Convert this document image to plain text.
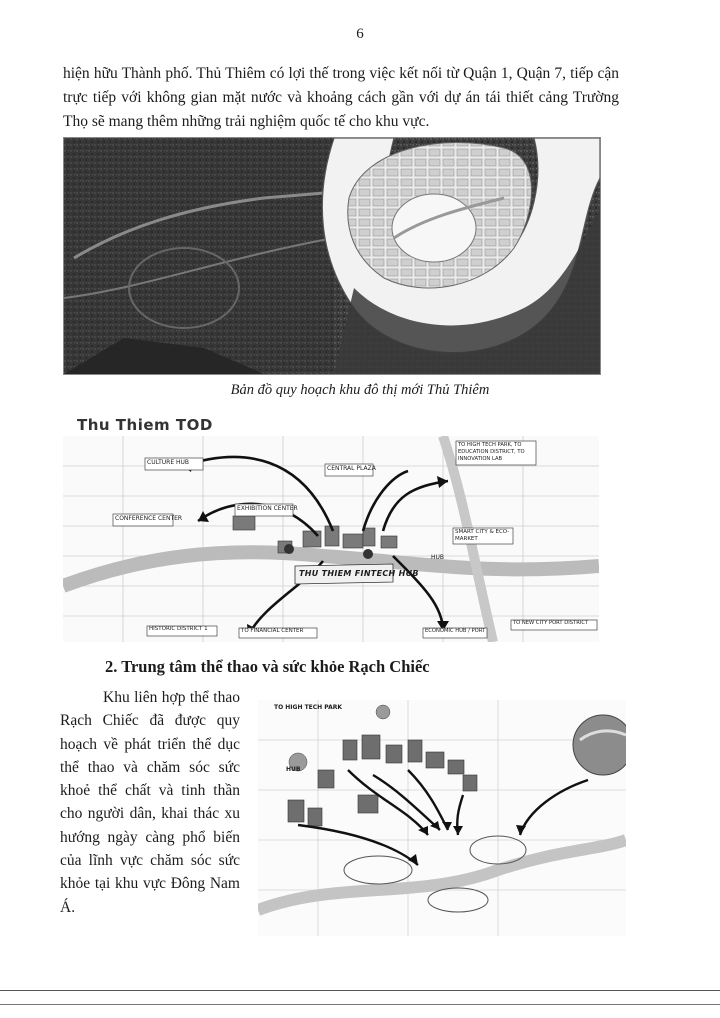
6

hiện hữu Thành phố. Thủ Thiêm có lợi thế trong việc kết nối từ Quận 1, Quận 7, tiếp cận trực tiếp với không gian mặt nước và khoảng cách gần với dự án tái thiết cảng Trường Thọ sẽ mang thêm những trải nghiệm quốc tế cho khu vực.

Bản đồ quy hoạch khu đô thị mới Thủ Thiêm
Thu Thiem TOD
CULTURE HUB
CONFERENCE CENTER
EXHIBITION CENTER
CENTRAL PLAZA
SMART CITY & ECO-MARKET
TO HIGH TECH PARK, TO EDUCATION DISTRICT, TO INNOVATION LAB
HUB
THU THIEM FINTECH HUB
TO FINANCIAL CENTER
HISTORIC DISTRICT 1	ECONOMIC HUB / PORT
TO NEW CITY PORT DISTRICT
2. Trung tâm thể thao và sức khỏe Rạch Chiếc

Khu liên hợp thể thao Rạch Chiếc đã được quy hoạch về phát triển thể dục thể thao và chăm sóc sức khoẻ thể chất và tinh thần cho người dân, khai thác xu hướng ngày càng phổ biến của lĩnh vực chăm sóc sức khỏe tại khu vực Đông Nam Á.

TO HIGH TECH PARK
HUB
